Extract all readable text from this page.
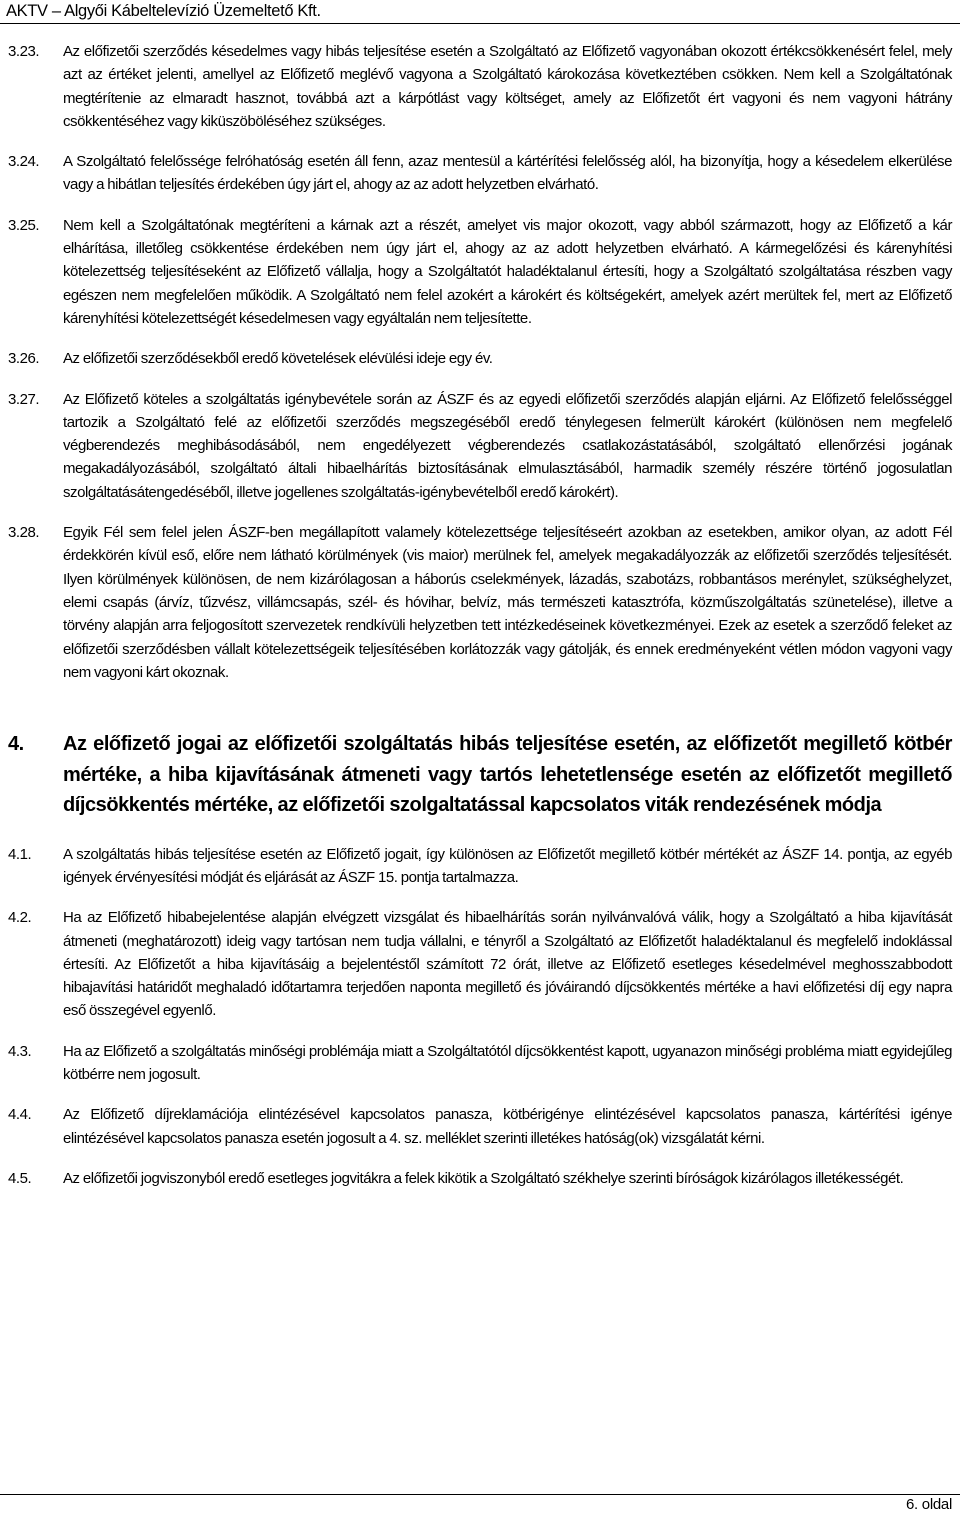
AKTV – Algyői Kábeltelevízió Üzemeltető Kft.
3.23.	Az előfizetői szerződés késedelmes vagy hibás teljesítése esetén a Szolgáltató az Előfizető vagyonában okozott értékcsökkenésért felel, mely azt az értéket jelenti, amellyel az Előfizető meglévő vagyona a Szolgáltató károkozása következtében csökken. Nem kell a Szolgáltatónak megtérítenie az elmaradt hasznot, továbbá azt a kárpótlást vagy költséget, amely az Előfizetőt ért vagyoni és nem vagyoni hátrány csökkentéséhez vagy kiküszöböléséhez szükséges.
3.24.	A Szolgáltató felelőssége felróhatóság esetén áll fenn, azaz mentesül a kártérítési felelősség alól, ha bizonyítja, hogy a késedelem elkerülése vagy a hibátlan teljesítés érdekében úgy járt el, ahogy az az adott helyzetben elvárható.
3.25.	Nem kell a Szolgáltatónak megtéríteni a kárnak azt a részét, amelyet vis major okozott, vagy abból származott, hogy az Előfizető a kár elhárítása, illetőleg csökkentése érdekében nem úgy járt el, ahogy az az adott helyzetben elvárható. A kármegelőzési és kárenyhítési kötelezettség teljesítéseként az Előfizető vállalja, hogy a Szolgáltatót haladéktalanul értesíti, hogy a Szolgáltató szolgáltatása részben vagy egészen nem megfelelően működik. A Szolgáltató nem felel azokért a károkért és költségekért, amelyek azért merültek fel, mert az Előfizető kárenyhítési kötelezettségét késedelmesen vagy egyáltalán nem teljesítette.
3.26.	Az előfizetői szerződésekből eredő követelések elévülési ideje egy év.
3.27.	Az Előfizető köteles a szolgáltatás igénybevétele során az ÁSZF és az egyedi előfizetői szerződés alapján eljárni. Az Előfizető felelősséggel tartozik a Szolgáltató felé az előfizetői szerződés megszegéséből eredő ténylegesen felmerült károkért (különösen nem megfelelő végberendezés meghibásodásából, nem engedélyezett végberendezés csatlakozástatásából, szolgáltató ellenőrzési jogának megakadályozásából, szolgáltató általi hibaelhárítás biztosításának elmulasztásából, harmadik személy részére történő jogosulatlan szolgáltatásátengedéséből, illetve jogellenes szolgáltatás-igénybevételből eredő károkért).
3.28.	Egyik Fél sem felel jelen ÁSZF-ben megállapított valamely kötelezettsége teljesítéseért azokban az esetekben, amikor olyan, az adott Fél érdekkörén kívül eső, előre nem látható körülmények (vis maior) merülnek fel, amelyek megakadályozzák az előfizetői szerződés teljesítését. Ilyen körülmények különösen, de nem kizárólagosan a háborús cselekmények, lázadás, szabotázs, robbantásos merénylet, szükséghelyzet, elemi csapás (árvíz, tűzvész, villámcsapás, szél- és hóvihar, belvíz, más természeti katasztrófa, közműszolgáltatás szünetelése), illetve a törvény alapján arra feljogosított szervezetek rendkívüli helyzetben tett intézkedéseinek következményei. Ezek az esetek a szerződő feleket az előfizetői szerződésben vállalt kötelezettségeik teljesítésében korlátozzák vagy gátolják, és ennek eredményeként vétlen módon vagyoni vagy nem vagyoni kárt okoznak.
4.	Az előfizető jogai az előfizetői szolgáltatás hibás teljesítése esetén, az előfizetőt megillető kötbér mértéke, a hiba kijavításának átmeneti vagy tartós lehetetlensége esetén az előfizetőt megillető díjcsökkentés mértéke, az előfizetői szolgaltatással kapcsolatos viták rendezésének módja
4.1.	A szolgáltatás hibás teljesítése esetén az Előfizető jogait, így különösen az Előfizetőt megillető kötbér mértékét az ÁSZF 14. pontja, az egyéb igények érvényesítési módját és eljárását az ÁSZF 15. pontja tartalmazza.
4.2.	Ha az Előfizető hibabejelentése alapján elvégzett vizsgálat és hibaelhárítás során nyilvánvalóvá válik, hogy a Szolgáltató a hiba kijavítását átmeneti (meghatározott) ideig vagy tartósan nem tudja vállalni, e tényről a Szolgáltató az Előfizetőt haladéktalanul és megfelelő indoklással értesíti. Az Előfizetőt a hiba kijavításáig a bejelentéstől számított 72 órát, illetve az Előfizető esetleges késedelmével meghosszabbodott hibajavítási határidőt meghaladó időtartamra terjedően naponta megillető és jóváirandó díjcsökkentés mértéke a havi előfizetési díj egy napra eső összegével egyenlő.
4.3.	Ha az Előfizető a szolgáltatás minőségi problémája miatt a Szolgáltatótól díjcsökkentést kapott, ugyanazon minőségi probléma miatt egyidejűleg kötbérre nem jogosult.
4.4.	Az Előfizető díjreklamációja elintézésével kapcsolatos panasza, kötbérigénye elintézésével kapcsolatos panasza, kártérítési igénye elintézésével kapcsolatos panasza esetén jogosult a 4. sz. melléklet szerinti illetékes hatóság(ok) vizsgálatát kérni.
4.5.	Az előfizetői jogviszonyból eredő esetleges jogvitákra a felek kikötik a Szolgáltató székhelye szerinti bíróságok kizárólagos illetékességét.
6. oldal
